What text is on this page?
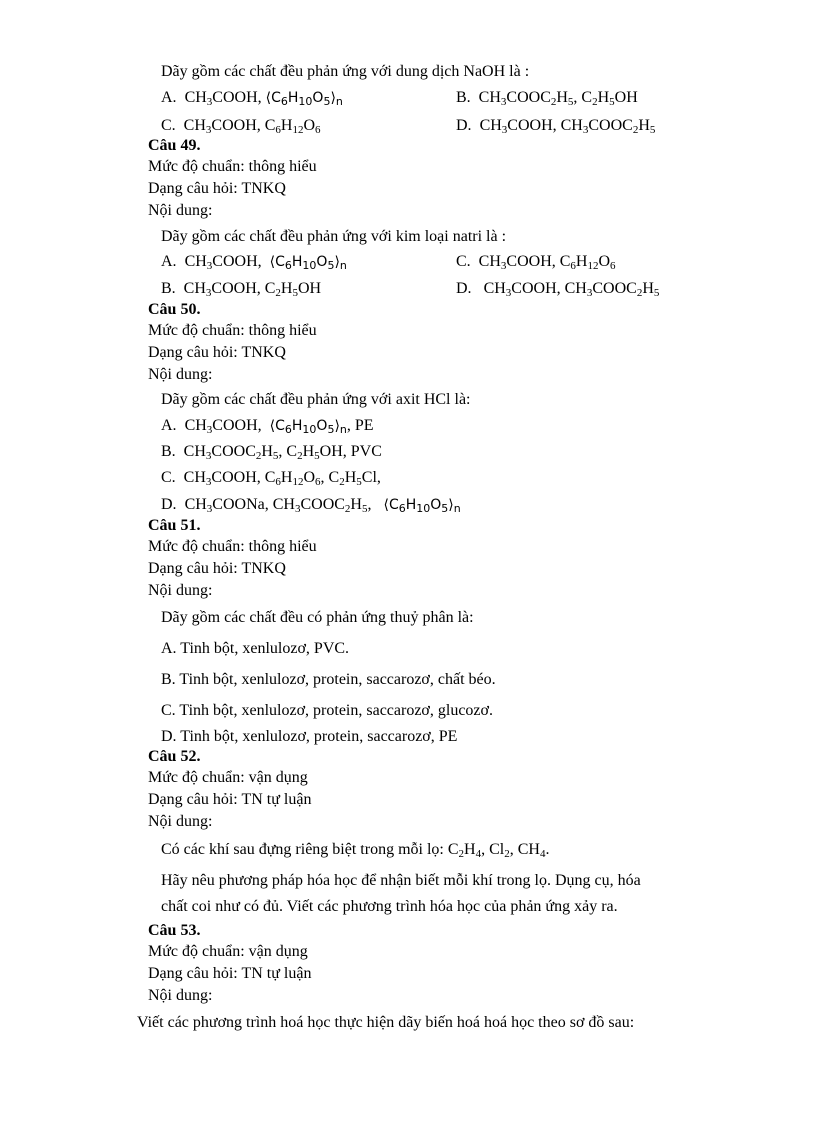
Dãy gồm các chất đều phản ứng với dung dịch NaOH là :
A.  $CH_3COOH$, $⟨C_6H_{10}O_5⟩_n$	B.  $CH_3COOC_2H_5$, $C_2H_5OH$
C.  $CH_3COOH$, $C_6H_{12}O_6$	D.  $CH_3COOH$, $CH_3COOC_2H_5$
Câu 49.
Mức độ chuẩn: thông hiểu
Dạng câu hỏi: TNKQ
Nội dung:
Dãy gồm các chất đều phản ứng với kim loại natri là :
A.  $CH_3COOH$,  $⟨C_6H_{10}O_5⟩_n$	C.  $CH_3COOH$, $C_6H_{12}O_6$
B.  $CH_3COOH$, $C_2H_5OH$	D.   $CH_3COOH$, $CH_3COOC_2H_5$
Câu 50.
Mức độ chuẩn: thông hiểu
Dạng câu hỏi: TNKQ
Nội dung:
Dãy gồm các chất đều phản ứng với axit HCl là:
A.  $CH_3COOH$,  $⟨C_6H_{10}O_5⟩_n$, PE
B.  $CH_3COOC_2H_5$, $C_2H_5OH$, PVC
C.  $CH_3COOH$, $C_6H_{12}O_6$, $C_2H_5Cl$,
D.  $CH_3COONa$, $CH_3COOC_2H_5$,   $⟨C_6H_{10}O_5⟩_n$
Câu 51.
Mức độ chuẩn: thông hiểu
Dạng câu hỏi: TNKQ
Nội dung:
Dãy gồm các chất đều có phản ứng thuỷ phân là:
A. Tinh bột, xenlulozơ, PVC.
B. Tinh bột, xenlulozơ, protein, saccarozơ, chất béo.
C. Tinh bột, xenlulozơ, protein, saccarozơ, glucozơ.
D. Tinh bột, xenlulozơ, protein, saccarozơ, PE
Câu 52.
Mức độ chuẩn: vận dụng
Dạng câu hỏi: TN tự luận
Nội dung:
Có các khí sau đựng riêng biệt trong mỗi lọ: $C_2H_4$, $Cl_2$, $CH_4$.
Hãy nêu phương pháp hóa học để nhận biết mỗi khí trong lọ. Dụng cụ, hóa
chất coi như có đủ. Viết các phương trình hóa học của phản ứng xảy ra.
Câu 53.
Mức độ chuẩn: vận dụng
Dạng câu hỏi: TN tự luận
Nội dung:
Viết các phương trình hoá học thực hiện dãy biến hoá hoá học theo sơ đồ sau:
